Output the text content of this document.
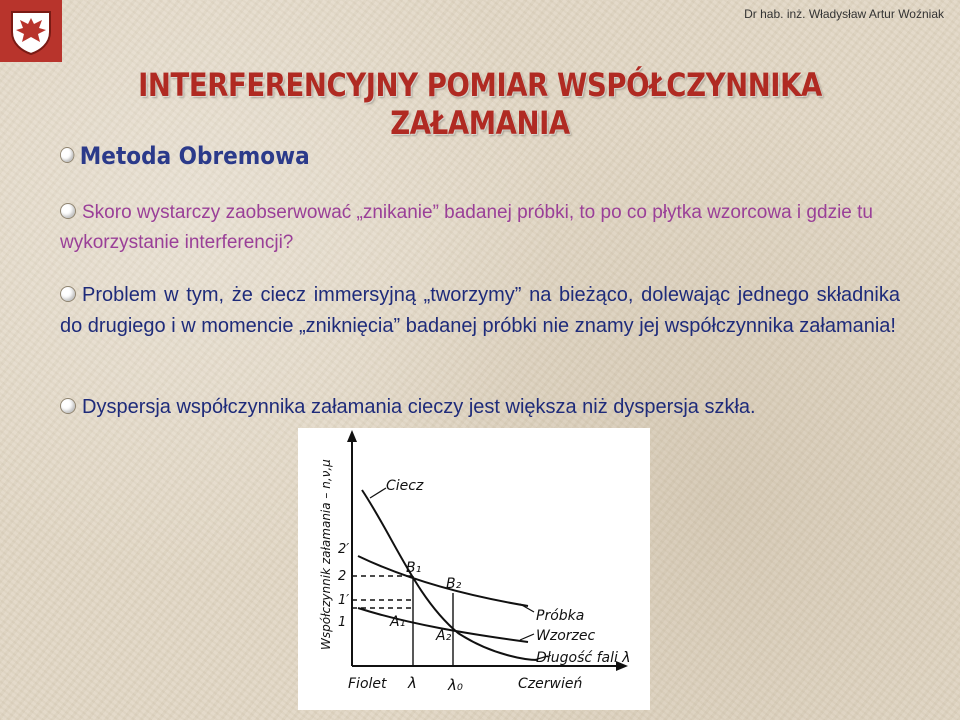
Dr hab. inż. Władysław Artur Woźniak
INTERFERENCYJNY POMIAR WSPÓŁCZYNNIKA ZAŁAMANIA
Metoda Obremowa
Skoro wystarczy zaobserwować „znikanie” badanej próbki, to po co płytka wzorcowa i gdzie tu wykorzystanie interferencji?
Problem w tym, że ciecz immersyjną „tworzymy” na bieżąco, dolewając jednego składnika do drugiego i w momencie „zniknięcia” badanej próbki nie znamy jej współczynnika załamania!
Dyspersja współczynnika załamania cieczy jest większa niż dyspersja szkła.
Współczynnik załamania – n,ν,μ 2′
2
1′
1
Ciecz
Próbka
Wzorzec
Długość fali λ
B₁
B₂
A₁
A₂
Fiolet λ λ₀	Czerwień
